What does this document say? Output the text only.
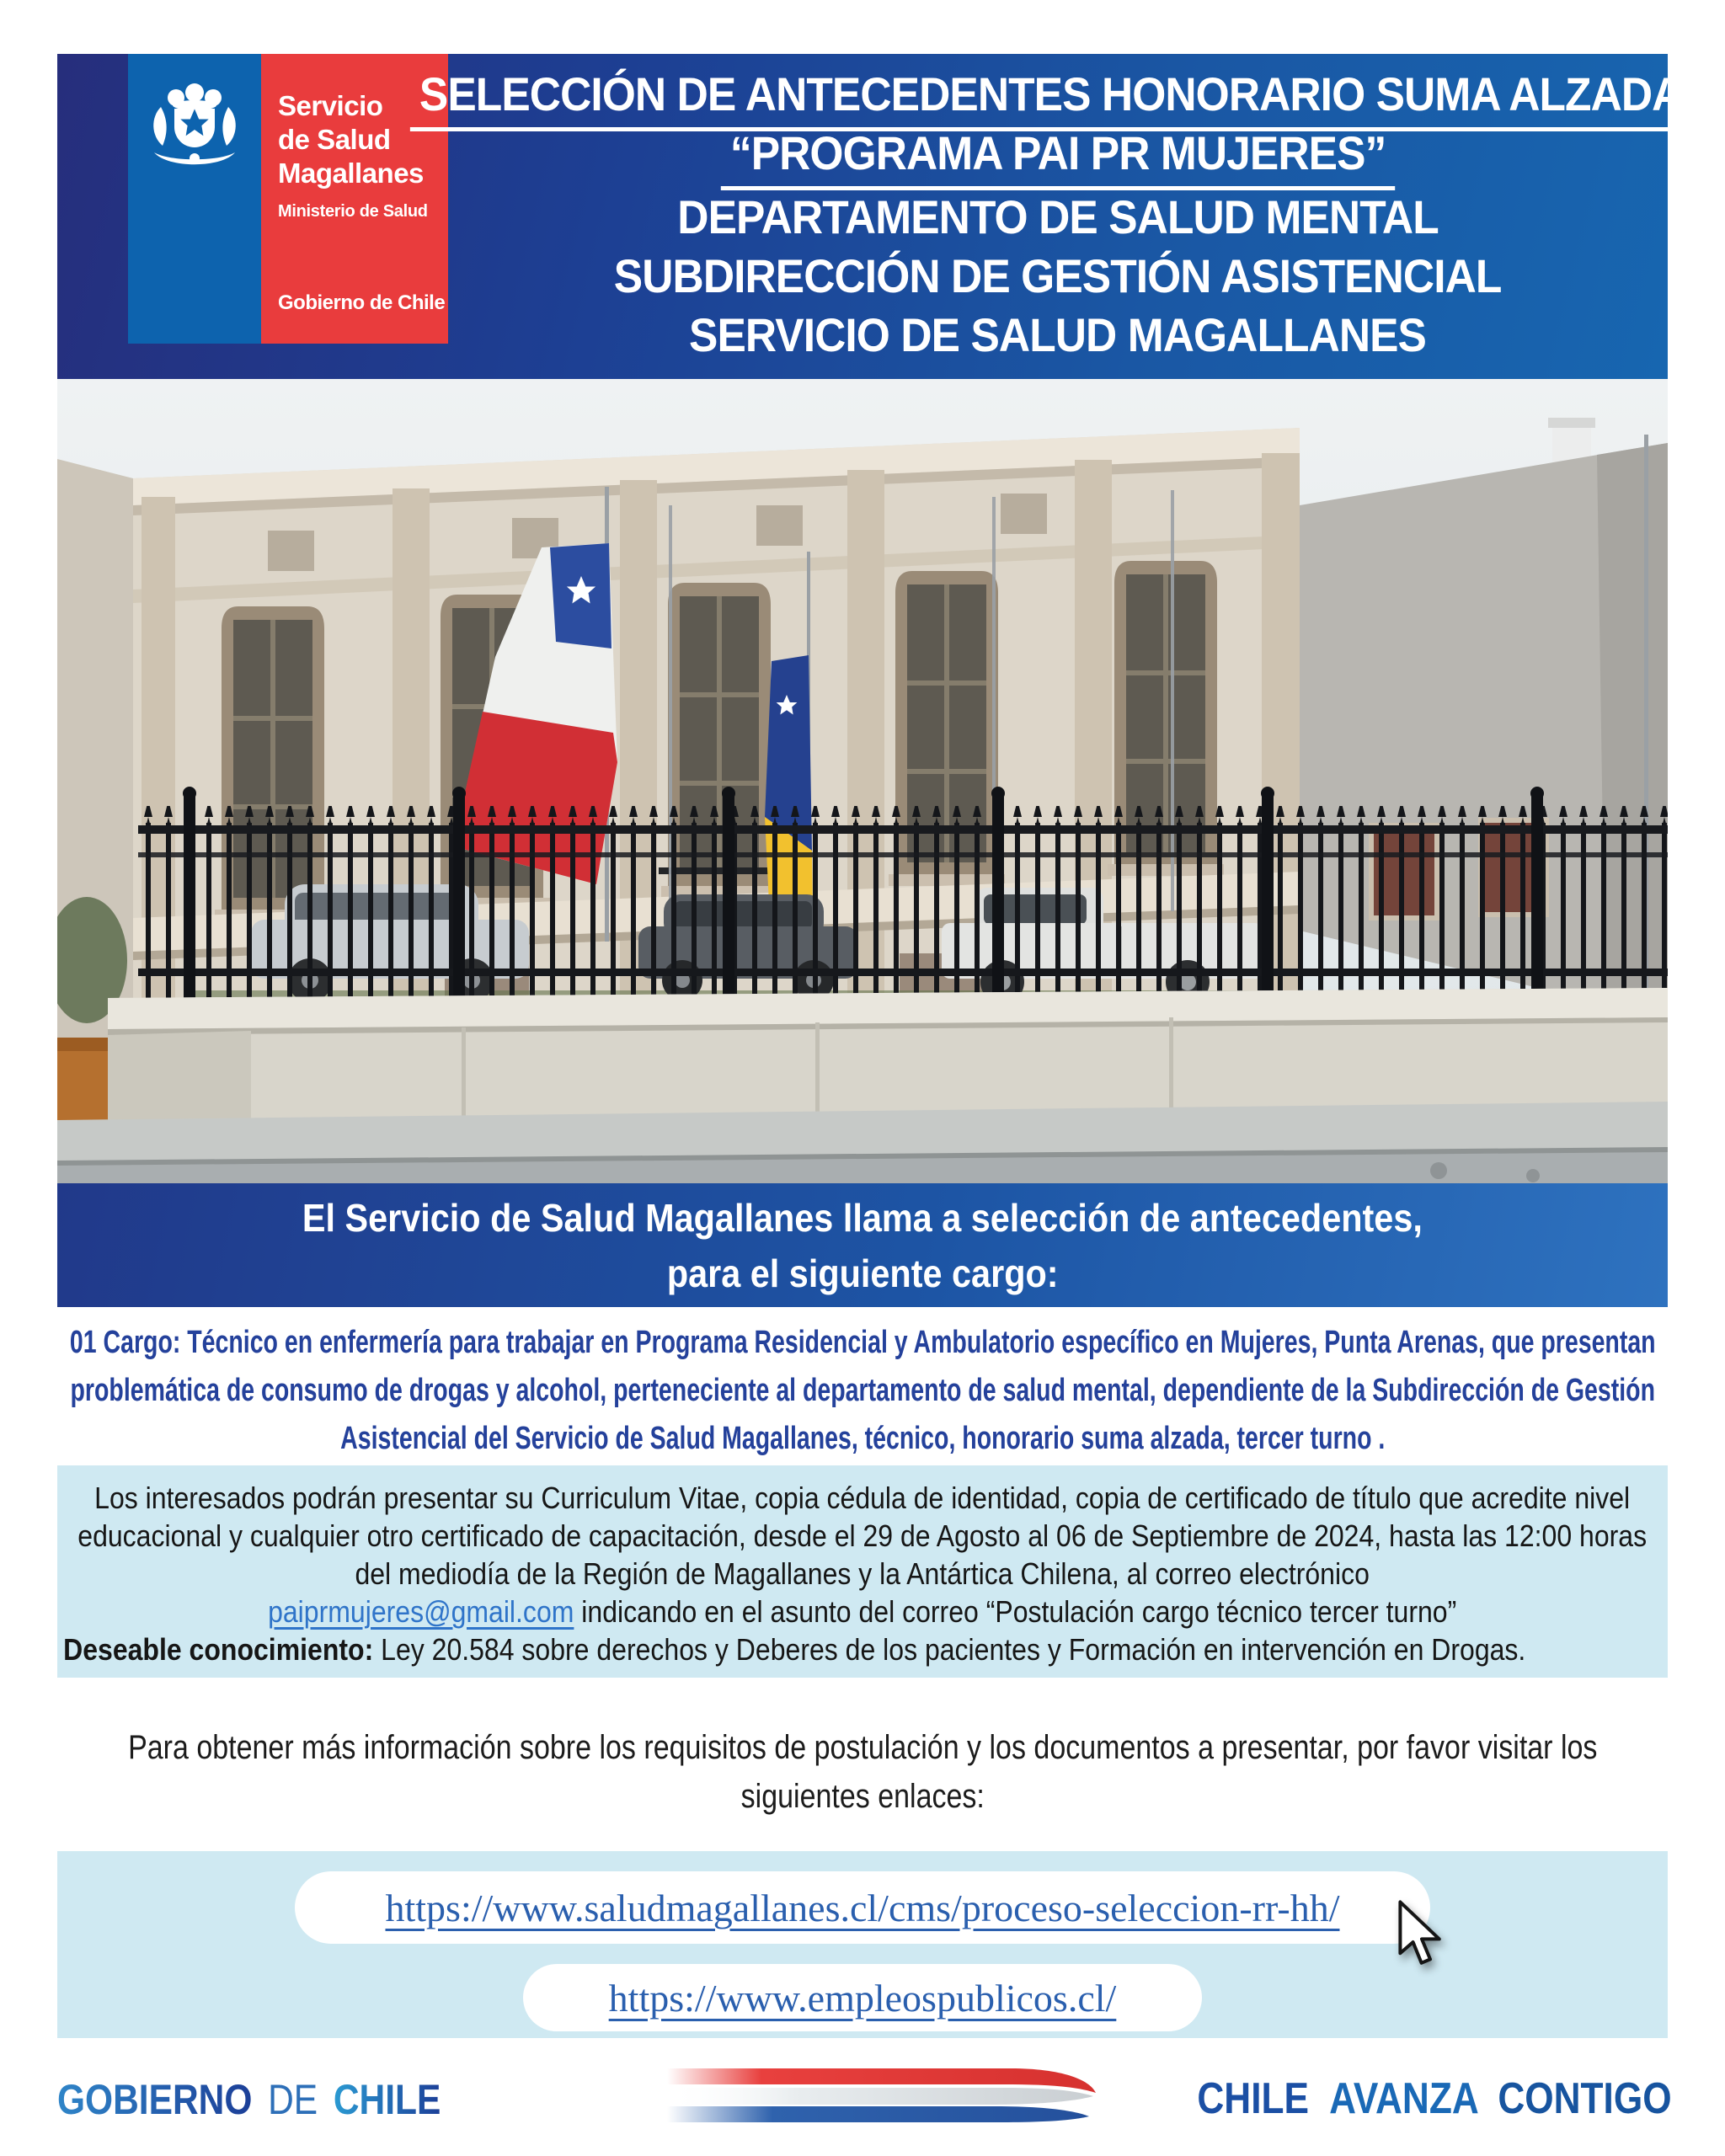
Servicio
de Salud
Magallanes
Ministerio de Salud
Gobierno de Chile
SELECCIÓN DE ANTECEDENTES HONORARIO SUMA ALZADA:
“PROGRAMA PAI PR MUJERES”
DEPARTAMENTO DE SALUD MENTAL
SUBDIRECCIÓN DE GESTIÓN ASISTENCIAL
SERVICIO DE SALUD MAGALLANES
El Servicio de Salud Magallanes llama a selección de antecedentes,
para el siguiente cargo:
01 Cargo: Técnico en enfermería para trabajar en Programa Residencial y Ambulatorio específico en Mujeres, Punta Arenas, que presentan problemática de consumo de drogas y alcohol, perteneciente al departamento de salud mental, dependiente de la Subdirección de Gestión Asistencial del Servicio de Salud Magallanes, técnico, honorario suma alzada, tercer turno .
Los interesados podrán presentar su Curriculum Vitae, copia cédula de identidad, copia de certificado de título que acredite nivel educacional y cualquier otro certificado de capacitación, desde el 29 de Agosto al 06 de Septiembre de 2024, hasta las 12:00 horas del mediodía de la Región de Magallanes y la Antártica Chilena, al correo electrónico
paiprmujeres@gmail.com indicando en el asunto del correo “Postulación cargo técnico tercer turno”
Deseable conocimiento: Ley 20.584 sobre derechos y Deberes de los pacientes y Formación en intervención en Drogas.
Para obtener más información sobre los requisitos de postulación y los documentos a presentar, por favor visitar los
siguientes enlaces:
https://www.saludmagallanes.cl/cms/proceso-seleccion-rr-hh/
https://www.empleospublicos.cl/
GOBIERNO DE CHILE	CHILE AVANZA CONTIGO
